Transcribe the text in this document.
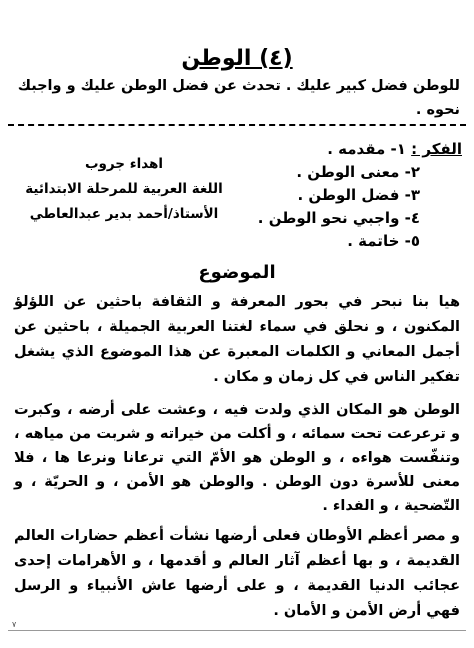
(٤) الوطن
للوطن فضل كبير عليك . تحدث عن فضل الوطن عليك و واجبك نحوه .
الفكر : ١- مقدمه .
٢- معنى الوطن .
٣- فضل الوطن .
٤- واجبي نحو الوطن .
٥- خاتمة .
اهداء جروب
اللغة العربية للمرحلة الابتدائية
الأستاذ/أحمد بدير عبدالعاطي
الموضوع
هيا بنا نبحر في بحور المعرفة و الثقافة باحثين عن اللؤلؤ المكنون ، و نحلق في سماء لغتنا العربية الجميلة ، باحثين عن أجمل المعاني و الكلمات المعبرة عن هذا الموضوع الذي يشغل تفكير الناس في كل زمان و مكان .
الوطن هو المكان الذي ولدت فيه ، وعشت على أرضه ، وكبرت و ترعرعت تحت سمائه ، و أكلت من خيراته و شربت من مياهه ، وتنفّست هواءه ، و الوطن هو الأمّ التي ترعانا ونرعا ها ، فلا معنى للأسرة دون الوطن . والوطن هو الأمن ، و الحريّة ، و التّضحية ، و الفداء .
و مصر أعظم الأوطان فعلى أرضها نشأت أعظم حضارات العالم القديمة ، و بها أعظم آثار العالم و أقدمها ، و الأهرامات إحدى عجائب الدنيا القديمة ، و على أرضها عاش الأنبياء و الرسل فهي أرض الأمن و الأمان .
٧
